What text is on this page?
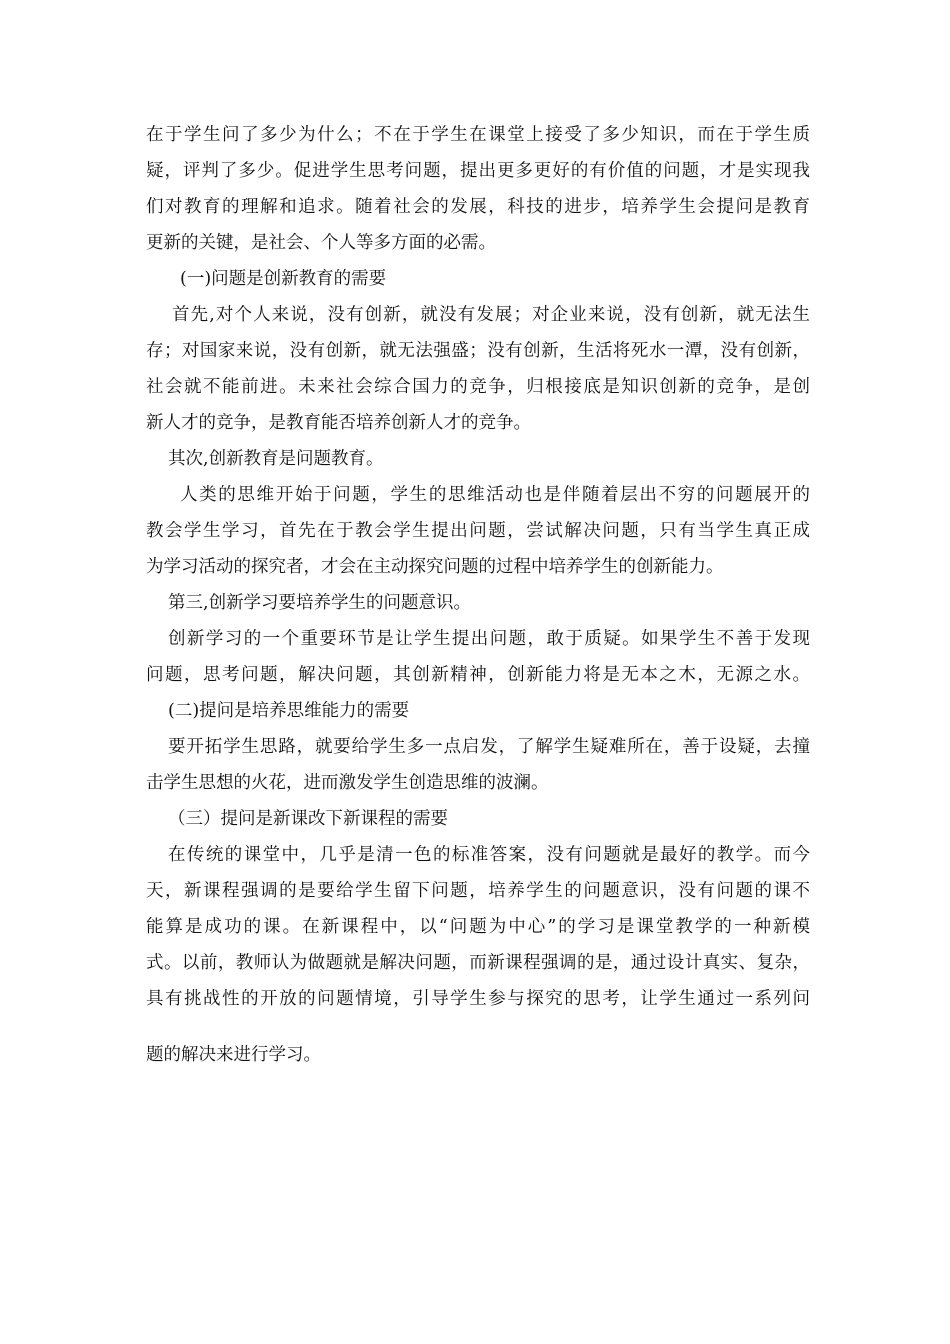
在于学生问了多少为什么；不在于学生在课堂上接受了多少知识，而在于学生质
疑，评判了多少。促进学生思考问题，提出更多更好的有价值的问题，才是实现我
们对教育的理解和追求。随着社会的发展，科技的进步，培养学生会提问是教育
更新的关键，是社会、个人等多方面的必需。
(一)问题是创新教育的需要
首先,对个人来说，没有创新，就没有发展；对企业来说，没有创新，就无法生
存；对国家来说，没有创新，就无法强盛；没有创新，生活将死水一潭，没有创新，
社会就不能前进。未来社会综合国力的竞争，归根接底是知识创新的竞争，是创
新人才的竞争，是教育能否培养创新人才的竞争。
其次,创新教育是问题教育。
人类的思维开始于问题，学生的思维活动也是伴随着层出不穷的问题展开的
教会学生学习，首先在于教会学生提出问题，尝试解决问题，只有当学生真正成
为学习活动的探究者，才会在主动探究问题的过程中培养学生的创新能力。
第三,创新学习要培养学生的问题意识。
创新学习的一个重要环节是让学生提出问题，敢于质疑。如果学生不善于发现
问题，思考问题，解决问题，其创新精神，创新能力将是无本之木，无源之水。
(二)提问是培养思维能力的需要
要开拓学生思路，就要给学生多一点启发，了解学生疑难所在，善于设疑，去撞
击学生思想的火花，进而激发学生创造思维的波澜。
（三）提问是新课改下新课程的需要
在传统的课堂中，几乎是清一色的标准答案，没有问题就是最好的教学。而今
天，新课程强调的是要给学生留下问题，培养学生的问题意识，没有问题的课不
能算是成功的课。在新课程中，以“问题为中心”的学习是课堂教学的一种新模
式。以前，教师认为做题就是解决问题，而新课程强调的是，通过设计真实、复杂，
具有挑战性的开放的问题情境，引导学生参与探究的思考，让学生通过一系列问
题的解决来进行学习。
